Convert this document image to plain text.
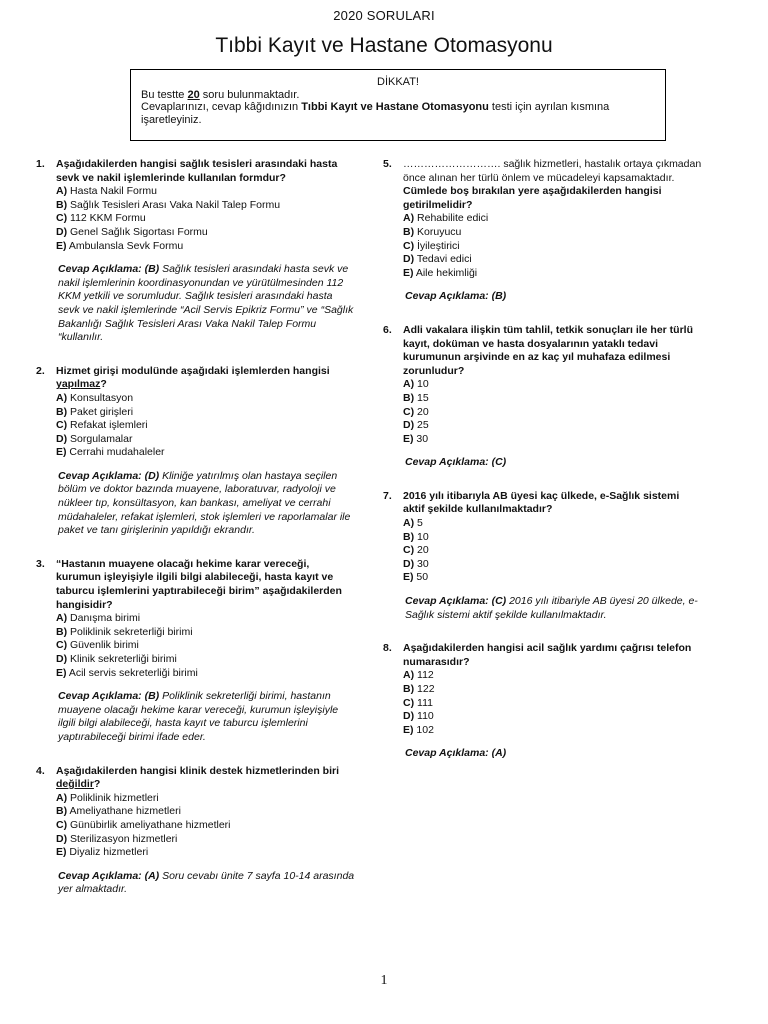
2020 SORULARI
Tıbbi Kayıt ve Hastane Otomasyonu
DİKKAT!
Bu testte 20 soru bulunmaktadır.
Cevaplarınızı, cevap kâğıdınızın Tıbbi Kayıt ve Hastane Otomasyonu testi için ayrılan kısmına işaretleyiniz.
1. Aşağıdakilerden hangisi sağlık tesisleri arasındaki hasta sevk ve nakil işlemlerinde kullanılan formdur?
A) Hasta Nakil Formu
B) Sağlık Tesisleri Arası Vaka Nakil Talep Formu
C) 112 KKM Formu
D) Genel Sağlık Sigortası Formu
E) Ambulansla Sevk Formu
Cevap Açıklama: (B) Sağlık tesisleri arasındaki hasta sevk ve nakil işlemlerinin koordinasyonundan ve yürütülmesinden 112 KKM yetkili ve sorumludur. Sağlık tesisleri arasındaki hasta sevk ve nakil işlemlerinde “Acil Servis Epikriz Formu” ve “Sağlık Bakanlığı Sağlık Tesisleri Arası Vaka Nakil Talep Formu “kullanılır.
2. Hizmet girişi modulünde aşağıdaki işlemlerden hangisi yapılmaz?
A) Konsultasyon
B) Paket girişleri
C) Refakat işlemleri
D) Sorgulamalar
E) Cerrahi mudahaleler
Cevap Açıklama: (D) Kliniğe yatırılmış olan hastaya seçilen bölüm ve doktor bazında muayene, laboratuvar, radyoloji ve nükleer tıp, konsültasyon, kan bankası, ameliyat ve cerrahi müdahaleler, refakat işlemleri, stok işlemleri ve raporlamalar ile paket ve tanı girişlerinin yapıldığı ekrandır.
3. “Hastanın muayene olacağı hekime karar vereceği, kurumun işleyişiyle ilgili bilgi alabileceği, hasta kayıt ve taburcu işlemlerini yaptırabileceği birim” aşağıdakilerden hangisidir?
A) Danışma birimi
B) Poliklinik sekreterliği birimi
C) Güvenlik birimi
D) Klinik sekreterliği birimi
E) Acil servis sekreterliği birimi
Cevap Açıklama: (B) Poliklinik sekreterliği birimi, hastanın muayene olacağı hekime karar vereceği, kurumun işleyişiyle ilgili bilgi alabileceği, hasta kayıt ve taburcu işlemlerini yaptırabileceği birimi ifade eder.
4. Aşağıdakilerden hangisi klinik destek hizmetlerinden biri değildir?
A) Poliklinik hizmetleri
B) Ameliyathane hizmetleri
C) Günübirlik ameliyathane hizmetleri
D) Sterilizasyon hizmetleri
E) Diyaliz hizmetleri
Cevap Açıklama: (A) Soru cevabı ünite 7 sayfa 10-14 arasında yer almaktadır.
5. ………………………. sağlık hizmetleri, hastalık ortaya çıkmadan önce alınan her türlü önlem ve mücadeleyi kapsamaktadır.
Cümlede boş bırakılan yere aşağıdakilerden hangisi getirilmelidir?
A) Rehabilite edici
B) Koruyucu
C) İyileştirici
D) Tedavi edici
E) Aile hekimliği
Cevap Açıklama: (B)
6. Adli vakalara ilişkin tüm tahlil, tetkik sonuçları ile her türlü kayıt, doküman ve hasta dosyalarının yataklı tedavi kurumunun arşivinde en az kaç yıl muhafaza edilmesi zorunludur?
A) 10
B) 15
C) 20
D) 25
E) 30
Cevap Açıklama: (C)
7. 2016 yılı itibarıyla AB üyesi kaç ülkede, e-Sağlık sistemi aktif şekilde kullanılmaktadır?
A) 5
B) 10
C) 20
D) 30
E) 50
Cevap Açıklama: (C) 2016 yılı itibariyle AB üyesi 20 ülkede, e-Sağlık sistemi aktif şekilde kullanılmaktadır.
8. Aşağıdakilerden hangisi acil sağlık yardımı çağrısı telefon numarasıdır?
A) 112
B) 122
C) 111
D) 110
E) 102
Cevap Açıklama: (A)
1
